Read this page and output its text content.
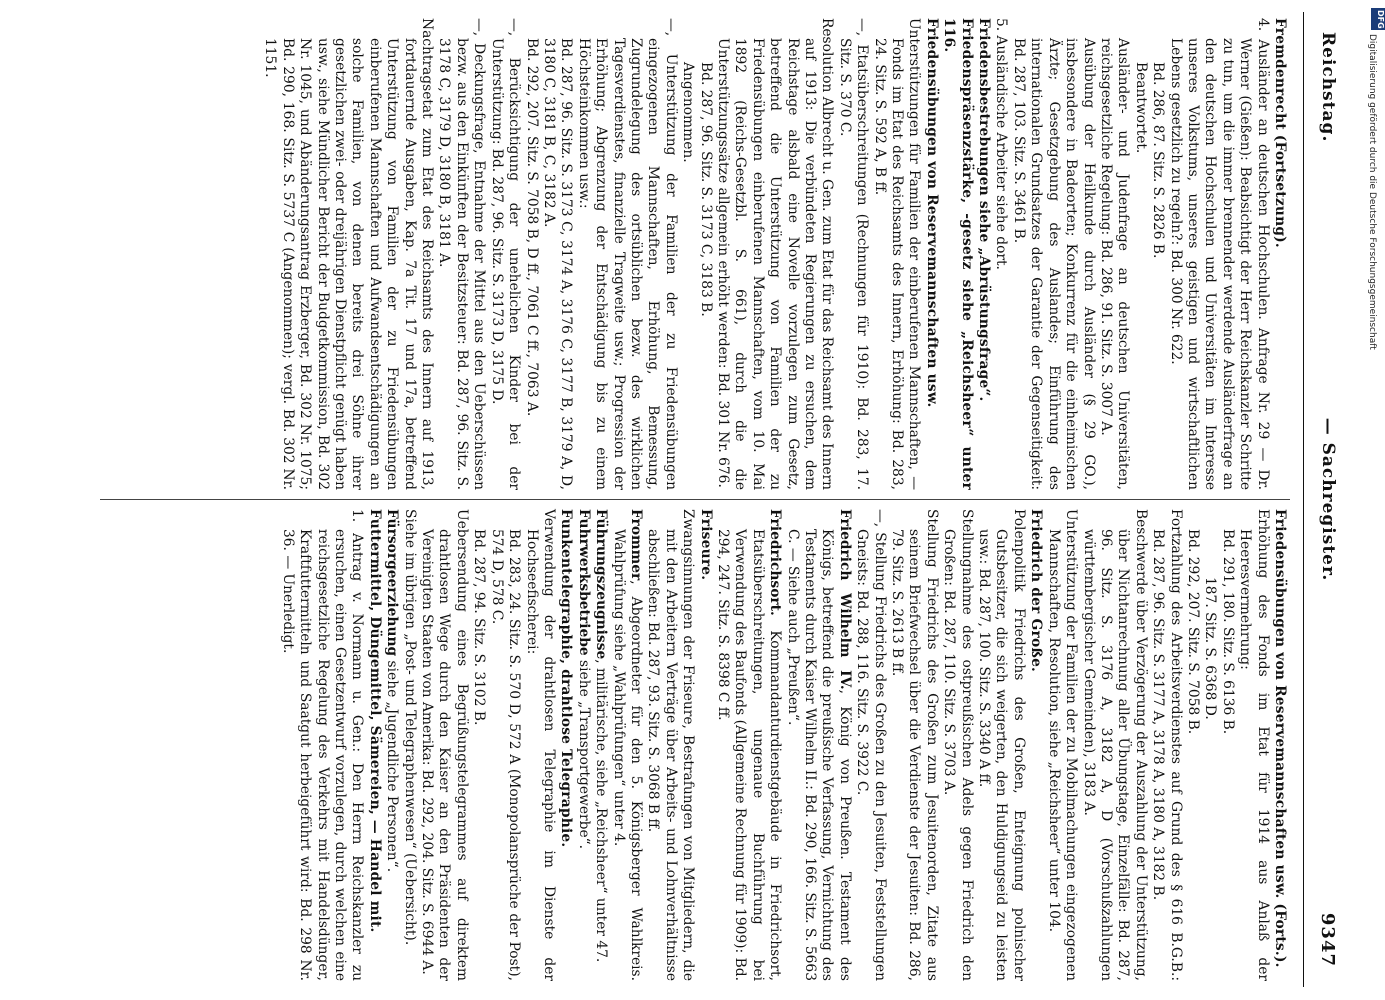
Reichstag.
— Sachregister.
9347

Fremdenrecht (Fortsetzung).

4. Ausländer an deutschen Hochschulen. Anfrage Nr. 29 — Dr. Werner (Gießen): Beabsichtigt der Herr Reichskanzler Schritte zu tun, um die immer brennender werdende Ausländerfrage an den deutschen Hochschulen und Universitäten im Interesse unseres Volkstums, unseres geistigen und wirtschaftlichen Lebens gesetzlich zu regeln?: Bd. 300 Nr. 622.

Bd. 286, 87. Sitz. S. 2826 B.

Beantwortet.

Ausländer- und Judenfrage an deutschen Universitäten, reichsgesetzliche Regelung: Bd. 286, 91. Sitz. S. 3007 A.

Ausübung der Heilkunde durch Ausländer (§ 29 GO.), insbesondere in Badeorten; Konkurrenz für die einheimischen Ärzte; Gesetzgebung des Auslandes; Einführung des internationalen Grundsatzes der Garantie der Gegenseitigkeit: Bd. 287, 103. Sitz. S. 3461 B.

5. Ausländische Arbeiter siehe dort.

Friedensbestrebungen siehe „Abrüstungsfrage“.

Friedenspräsenzstärke, -gesetz siehe „Reichsheer“ unter 116.

Friedensübungen von Reservemannschaften usw.

Unterstützungen für Familien der einberufenen Mannschaften, — Fonds im Etat des Reichsamts des Innern, Erhöhung: Bd. 283, 24. Sitz. S. 592 A, B ff.

—, Etatsüberschreitungen (Rechnungen für 1910): Bd. 283, 17. Sitz. S. 370 C.

Resolution Albrecht u. Gen. zum Etat für das Reichsamt des Innern auf 1913: Die verbündeten Regierungen zu ersuchen, dem Reichstage alsbald eine Novelle vorzulegen zum Gesetz, betreffend die Unterstützung von Familien der zu Friedensübungen einberufenen Mannschaften, vom 10. Mai 1892 (Reichs-Gesetzbl. S. 661), durch die die Unterstützungssätze allgemein erhöht werden: Bd. 301 Nr. 676.

Bd. 287, 96. Sitz. S. 3173 C, 3183 B.

Angenommen.

—, Unterstützung der Familien der zu Friedensübungen eingezogenen Mannschaften, Erhöhung, Bemessung, Zugrundelegung des ortsüblichen bezw. des wirklichen Tagesverdienstes, finanzielle Tragweite usw.; Progression der Erhöhung; Abgrenzung der Entschädigung bis zu einem Höchsteinkommen usw.:

Bd. 287, 96. Sitz. S. 3173 C, 3174 A, 3176 C, 3177 B, 3179 A, D, 3180 C, 3181 B, C, 3182 A.

Bd. 292, 207. Sitz. S. 7058 B, D ff., 7061 C ff., 7063 A.

—, Berücksichtigung der unehelichen Kinder bei der Unterstützung: Bd. 287, 96. Sitz. S. 3173 D, 3175 D.

—, Deckungsfrage, Entnahme der Mittel aus den Ueberschüssen bezw. aus den Einkünften der Besitzsteuer: Bd. 287, 96. Sitz. S. 3178 C, 3179 D, 3180 B, 3181 A.

Nachtragsetat zum Etat des Reichsamts des Innern auf 1913, fortdauernde Ausgaben, Kap. 7a Tit. 17 und 17a, betreffend Unterstützung von Familien der zu Friedensübungen einberufenen Mannschaften und Aufwandsentschädigungen an solche Familien, von denen bereits drei Söhne ihrer gesetzlichen zwei- oder dreijährigen Dienstpflicht genügt haben usw., siehe Mündlicher Bericht der Budgetkommission, Bd. 302 Nr. 1045, und Abänderungsantrag Erzberger, Bd. 302 Nr. 1075; Bd. 290, 168. Sitz. S. 5737 C (Angenommen); vergl. Bd. 302 Nr. 1151.

Friedensübungen von Reservemannschaften usw. (Forts.).

Erhöhung des Fonds im Etat für 1914 aus Anlaß der Heeresvermehrung:

Bd. 291, 180. Sitz. S. 6136 B.

187. Sitz. S. 6368 D.

Bd. 292, 207. Sitz. S. 7058 B.

Fortzahlung des Arbeitsverdienstes auf Grund des § 616 B.G.B.: Bd. 287, 96. Sitz. S. 3177 A, 3178 A, 3180 A, 3182 B.

Beschwerde über Verzögerung der Auszahlung der Unterstützung, über Nichtanrechnung aller Übungstage, Einzelfälle: Bd. 287, 96. Sitz. S. 3176 A, 3182 A, D (Vorschußzahlungen württembergischer Gemeinden), 3183 A.

Unterstützung der Familien der zu Mobilmachungen eingezogenen Mannschaften, Resolution, siehe „Reichsheer“ unter 104.

Friedrich der Große.

Polenpolitik Friedrichs des Großen, Enteignung polnischer Gutsbesitzer, die sich weigerten, den Huldigungseid zu leisten usw.: Bd. 287, 100. Sitz. S. 3340 A ff.

Stellungnahme des ostpreußischen Adels gegen Friedrich den Großen: Bd. 287, 110. Sitz. S. 3703 A.

Stellung Friedrichs des Großen zum Jesuitenorden, Zitate aus seinem Briefwechsel über die Verdienste der Jesuiten: Bd. 286, 79. Sitz. S. 2613 B ff.

—, Stellung Friedrichs des Großen zu den Jesuiten, Feststellungen Gneists: Bd. 288, 116. Sitz. S. 3922 C.

Friedrich Wilhelm IV., König von Preußen. Testament des Königs, betreffend die preußische Verfassung, Vernichtung des Testaments durch Kaiser Wilhelm II.: Bd. 290, 166. Sitz. S. 5663 C. — Siehe auch „Preußen“.

Friedrichsort. Kommandanturdienstgebäude in Friedrichsort, Etatsüberschreitungen, ungenaue Buchführung bei Verwendung des Baufonds (Allgemeine Rechnung für 1909): Bd. 294, 247. Sitz. S. 8398 C ff.

Friseure.

Zwangsinnungen der Friseure, Bestrafungen von Mitgliedern, die mit den Arbeitern Verträge über Arbeits- und Lohnverhältnisse abschließen: Bd. 287, 93. Sitz. S. 3068 B ff.

Frommer, Abgeordneter für den 5. Königsberger Wahlkreis. Wahlprüfung siehe „Wahlprüfungen“ unter 4.

Führungszeugnisse, militärische, siehe „Reichsheer“ unter 47.

Fuhrwerksbetriebe siehe „Transportgewerbe“.

Funkentelegraphie, drahtlose Telegraphie.

Verwendung der drahtlosen Telegraphie im Dienste der Hochseefischerei:

Bd. 283, 24. Sitz. S. 570 D, 572 A (Monopolansprüche der Post), 574 D, 578 C.

Bd. 287, 94. Sitz. S. 3102 B.

Uebersendung eines Begrüßungstelegrammes auf direktem drahtlosen Wege durch den Kaiser an den Präsidenten der Vereinigten Staaten von Amerika: Bd. 292, 204. Sitz. S. 6944 A.

Siehe im übrigen „Post- und Telegraphenwesen“ (Uebersicht).

Fürsorgeerziehung siehe „Jugendliche Personen“.

Futtermittel, Düngemittel, Sämereien, — Handel mit.

1. Antrag v. Normann u. Gen.: Den Herrn Reichskanzler zu ersuchen, einen Gesetzentwurf vorzulegen, durch welchen eine reichsgesetzliche Regelung des Verkehrs mit Handelsdünger, Kraftfuttermitteln und Saatgut herbeigeführt wird: Bd. 298 Nr. 36. — Unerledigt.

DFG
Digitalisierung gefördert durch die Deutsche Forschungsgemeinschaft
